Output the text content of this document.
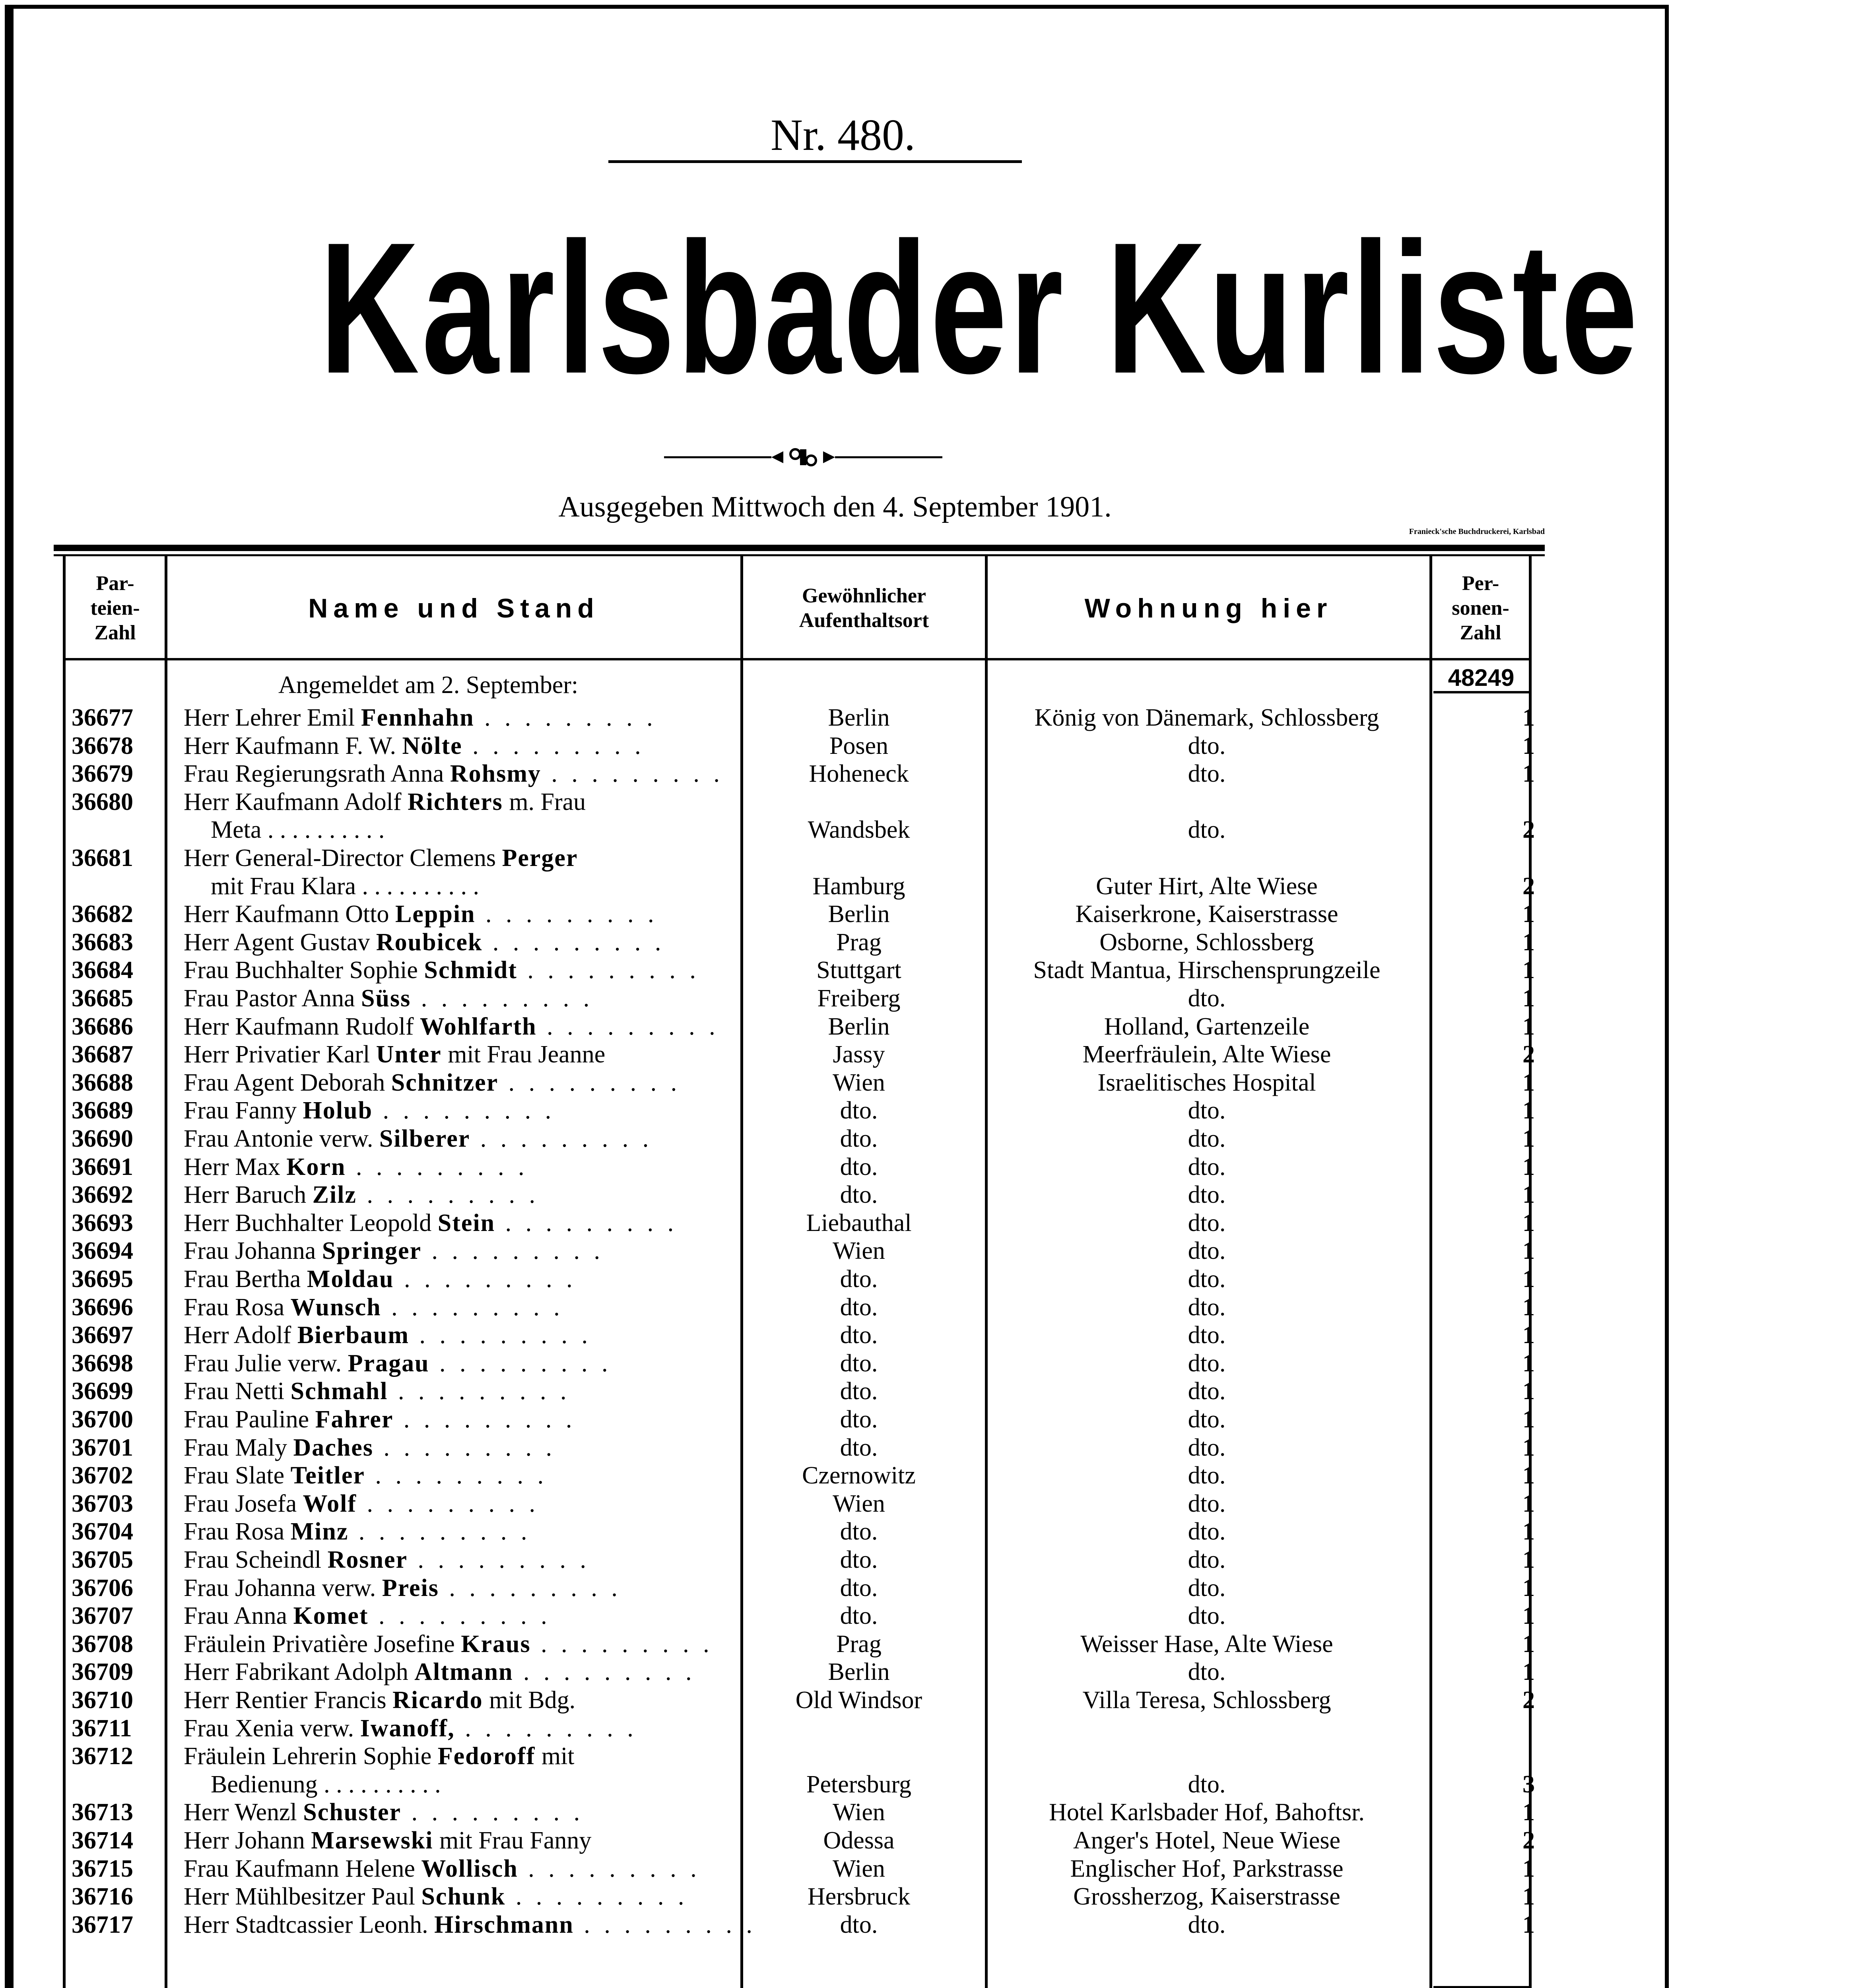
Nr. 480.
Karlsbader Kurliste
Ausgegeben Mittwoch den 4. September 1901.
Franieck'sche Buchdruckerei, Karlsbad
Par-teien-Zahl
Name und Stand	Gewöhnlicher Aufenthaltsort	Wohnung hier
Per-sonen-Zahl
48249
Angemeldet am 2. September:
36677 Herr Lehrer Emil Fennhahn . . . . . . . . .	Berlin	König von Dänemark, Schlossberg	1
36678 Herr Kaufmann F. W. Nölte . . . . . . . . .	Posen	dto.	1
36679 Frau Regierungsrath Anna Rohsmy . . . . . . . . .	Hoheneck	dto.	1
36680 Herr Kaufmann Adolf Richters m. Frau
Meta . . . . . . . . . .	Wandsbek	dto.	2
36681 Herr General-Director Clemens Perger
mit Frau Klara . . . . . . . . . .	Hamburg	Guter Hirt, Alte Wiese	2
36682 Herr Kaufmann Otto Leppin . . . . . . . . .	Berlin	Kaiserkrone, Kaiserstrasse	1
36683 Herr Agent Gustav Roubicek . . . . . . . . .	Prag	Osborne, Schlossberg	1
36684 Frau Buchhalter Sophie Schmidt . . . . . . . . .	Stuttgart	Stadt Mantua, Hirschensprungzeile	1
36685 Frau Pastor Anna Süss . . . . . . . . .	Freiberg	dto.	1
36686 Herr Kaufmann Rudolf Wohlfarth . . . . . . . . .	Berlin	Holland, Gartenzeile	1
36687 Herr Privatier Karl Unter mit Frau Jeanne	Jassy	Meerfräulein, Alte Wiese	2
36688 Frau Agent Deborah Schnitzer . . . . . . . . .	Wien	Israelitisches Hospital	1
36689 Frau Fanny Holub . . . . . . . . .	dto.	dto.	1
36690 Frau Antonie verw. Silberer . . . . . . . . .	dto.	dto.	1
36691 Herr Max Korn . . . . . . . . .	dto.	dto.	1
36692 Herr Baruch Zilz . . . . . . . . .	dto.	dto.	1
36693 Herr Buchhalter Leopold Stein . . . . . . . . .	Liebauthal	dto.	1
36694 Frau Johanna Springer . . . . . . . . .	Wien	dto.	1
36695 Frau Bertha Moldau . . . . . . . . .	dto.	dto.	1
36696 Frau Rosa Wunsch . . . . . . . . .	dto.	dto.	1
36697 Herr Adolf Bierbaum . . . . . . . . .	dto.	dto.	1
36698 Frau Julie verw. Pragau . . . . . . . . .	dto.	dto.	1
36699 Frau Netti Schmahl . . . . . . . . .	dto.	dto.	1
36700 Frau Pauline Fahrer . . . . . . . . .	dto.	dto.	1
36701 Frau Maly Daches . . . . . . . . .	dto.	dto.	1
36702 Frau Slate Teitler . . . . . . . . .	Czernowitz	dto.	1
36703 Frau Josefa Wolf . . . . . . . . .	Wien	dto.	1
36704 Frau Rosa Minz . . . . . . . . .	dto.	dto.	1
36705 Frau Scheindl Rosner . . . . . . . . .	dto.	dto.	1
36706 Frau Johanna verw. Preis . . . . . . . . .	dto.	dto.	1
36707 Frau Anna Komet . . . . . . . . .	dto.	dto.	1
36708 Fräulein Privatière Josefine Kraus . . . . . . . . .	Prag	Weisser Hase, Alte Wiese	1
36709 Herr Fabrikant Adolph Altmann . . . . . . . . .	Berlin	dto.	1
36710 Herr Rentier Francis Ricardo mit Bdg.	Old Windsor	Villa Teresa, Schlossberg	2
36711 Frau Xenia verw. Iwanoff, . . . . . . . . .
36712 Fräulein Lehrerin Sophie Fedoroff mit
Bedienung . . . . . . . . . .	Petersburg	dto.	3
36713 Herr Wenzl Schuster . . . . . . . . .	Wien	Hotel Karlsbader Hof, Bahoftsr.	1
36714 Herr Johann Marsewski mit Frau Fanny	Odessa	Anger's Hotel, Neue Wiese	2
36715 Frau Kaufmann Helene Wollisch . . . . . . . . .	Wien	Englischer Hof, Parkstrasse	1
36716 Herr Mühlbesitzer Paul Schunk . . . . . . . . .	Hersbruck	Grossherzog, Kaiserstrasse	1
36717 Herr Stadtcassier Leonh. Hirschmann . . . . . . . . .	dto.	dto.	1
